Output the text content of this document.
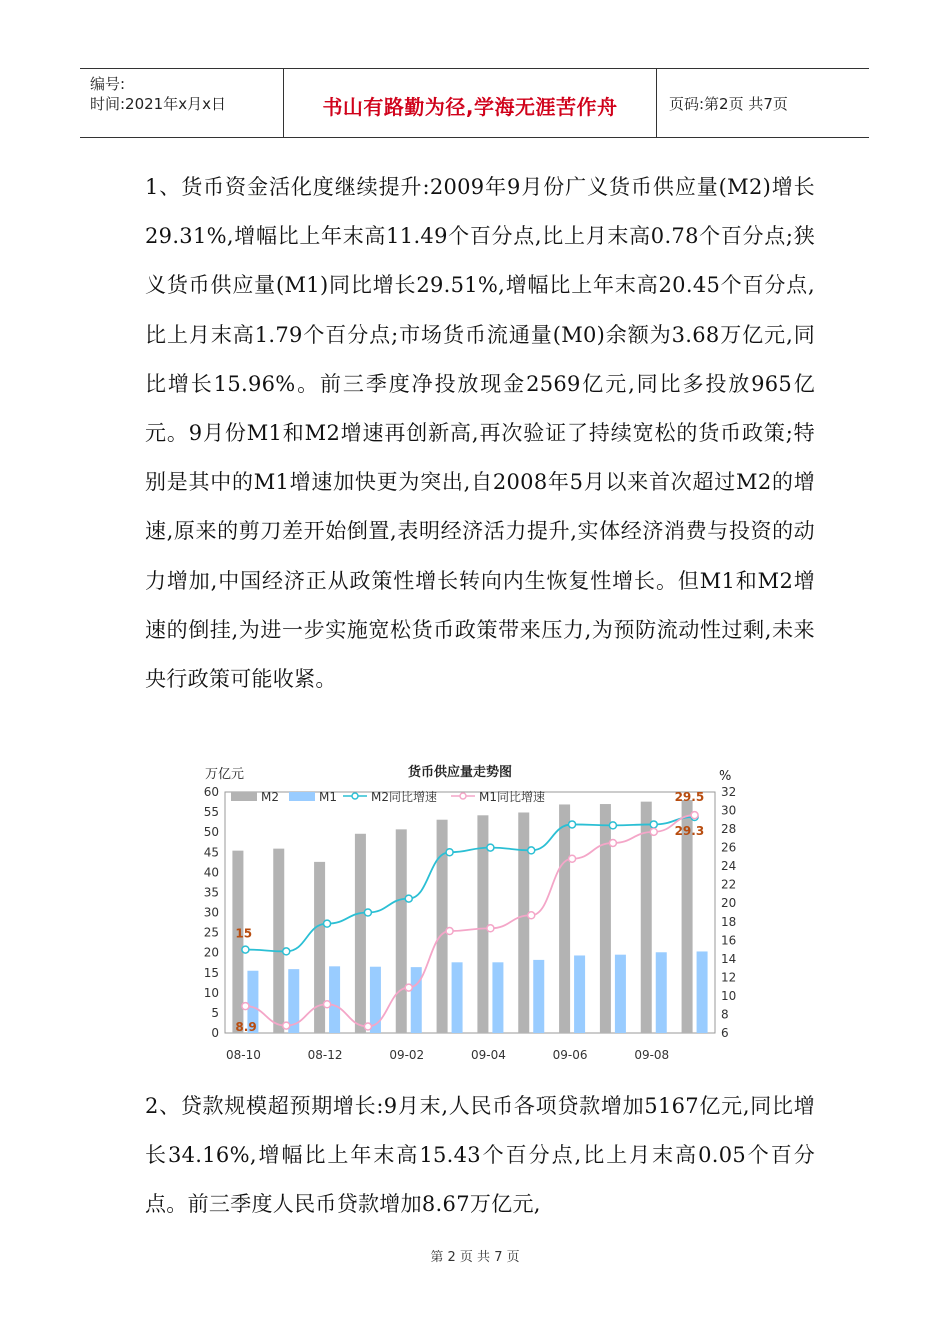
编号:
时间:2021年x月x日	书山有路勤为径,学海无涯苦作舟	页码:第2页 共7页
1、货币资金活化度继续提升:2009年9月份广义货币供应量(M2)增长29.31%,增幅比上年末高11.49个百分点,比上月末高0.78个百分点;狭义货币供应量(M1)同比增长29.51%,增幅比上年末高20.45个百分点,比上月末高1.79个百分点;市场货币流通量(M0)余额为3.68万亿元,同比增长15.96%。前三季度净投放现金2569亿元,同比多投放965亿元。9月份M1和M2增速再创新高,再次验证了持续宽松的货币政策;特别是其中的M1增速加快更为突出,自2008年5月以来首次超过M2的增速,原来的剪刀差开始倒置,表明经济活力提升,实体经济消费与投资的动力增加,中国经济正从政策性增长转向内生恢复性增长。但M1和M2增速的倒挂,为进一步实施宽松货币政策带来压力,为预防流动性过剩,未来央行政策可能收紧。
货币供应量走势图
万亿元	%
0
5
10
15
20
25
30
35
40
45
50
55
60
6
8
10
12
14
16
18
20
22
24
26
28
30
32
08-10	08-12	09-02	09-04	09-06	09-08
M2	M1	M2同比增速	M1同比增速
15
8.9
29.5
29.3
2、贷款规模超预期增长:9月末,人民币各项贷款增加5167亿元,同比增长34.16%,增幅比上年末高15.43个百分点,比上月末高0.05个百分点。前三季度人民币贷款增加8.67万亿元,
第 2 页 共 7 页
